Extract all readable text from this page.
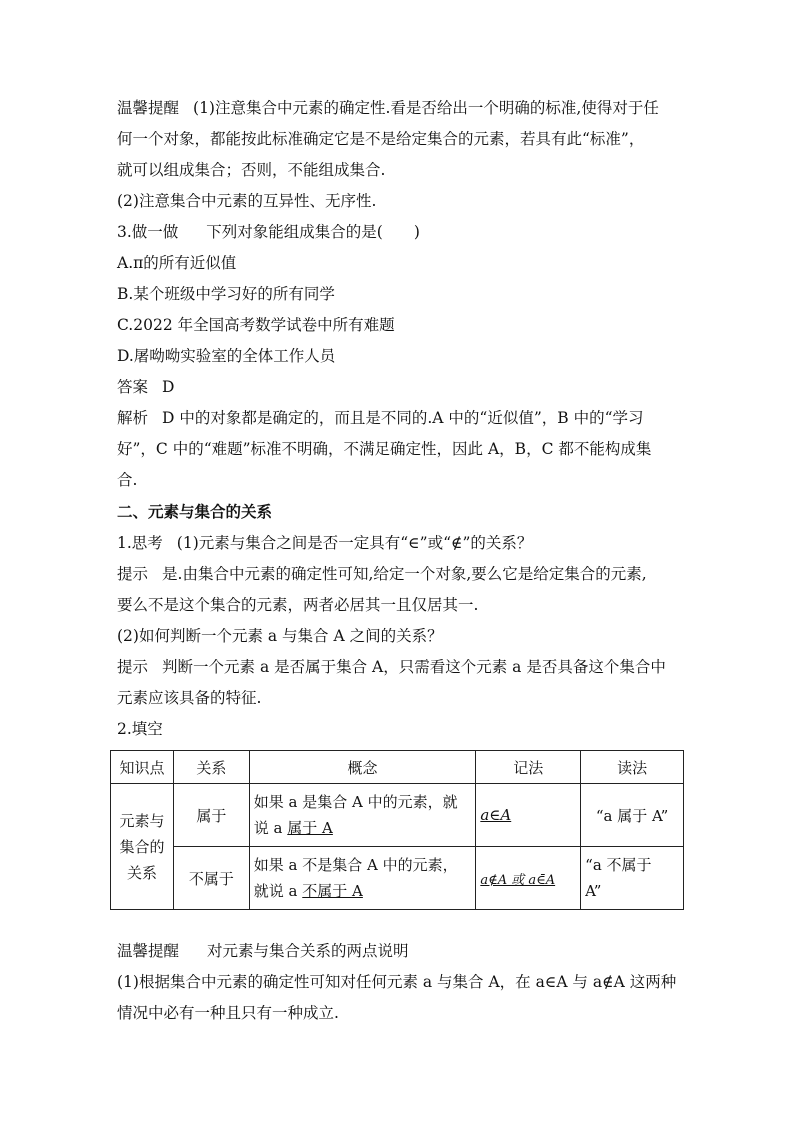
温馨提醒 (1)注意集合中元素的确定性.看是否给出一个明确的标准,使得对于任
何一个对象，都能按此标准确定它是不是给定集合的元素，若具有此“标准”，
就可以组成集合；否则，不能组成集合.
(2)注意集合中元素的互异性、无序性.
3.做一做 下列对象能组成集合的是(　　)
A.π的所有近似值
B.某个班级中学习好的所有同学
C.2022 年全国高考数学试卷中所有难题
D.屠呦呦实验室的全体工作人员
答案 D
解析 D 中的对象都是确定的，而且是不同的.A 中的“近似值”，B 中的“学习
好”，C 中的“难题”标准不明确，不满足确定性，因此 A，B，C 都不能构成集
合.
二、元素与集合的关系
1.思考 (1)元素与集合之间是否一定具有“∈”或“∉”的关系？
提示 是.由集合中元素的确定性可知,给定一个对象,要么它是给定集合的元素,
要么不是这个集合的元素，两者必居其一且仅居其一.
(2)如何判断一个元素 a 与集合 A 之间的关系？
提示 判断一个元素 a 是否属于集合 A，只需看这个元素 a 是否具备这个集合中
元素应该具备的特征.
2.填空
知识点	关系	概念	记法	读法

元素与
集合的
关系	属于	如果 a 是集合 A 中的元素，就
说 a 属于 A	a∈A	“a 属于 A”
	不属于	如果 a 不是集合 A 中的元素，
就说 a 不属于 A	a∉A 或 a∈̄A	“a 不属于
A”
温馨提醒 对元素与集合关系的两点说明
(1)根据集合中元素的确定性可知对任何元素 a 与集合 A，在 a∈A 与 a∉A 这两种
情况中必有一种且只有一种成立.
